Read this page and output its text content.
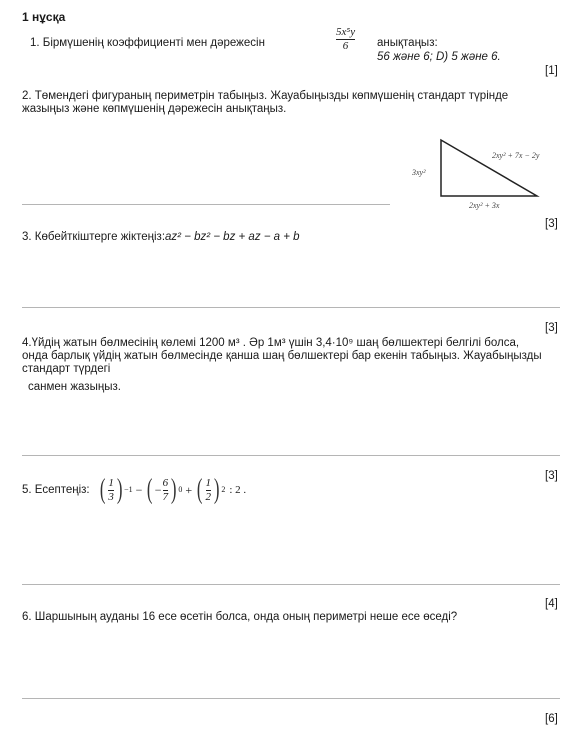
1 нұсқа
1. Бірмүшенің коэффициенті мен дәрежесін	$\frac{\text{5x⁵y}}{6}$ анықтаңыз:
56 және 6; D) 5 және 6.
[1]
2. Төмендегі фигураның периметрін табыңыз. Жауабыңызды көпмүшенің стандарт түрінде
жазыңыз және көпмүшенің дәрежесін анықтаңыз.
3xy²
2xy² + 7x − 2y
2xy² + 3x
[3]
3. Көбейткіштерге жіктеңіз:az² − bz² − bz + az − a + b
[3]
4.Үйдің жатын бөлмесінің көлемі 1200 м³ . Әр 1м³ үшін 3,4·10⁹ шаң бөлшектері белгілі болса,
онда барлық үйдің жатын бөлмесінде қанша шаң бөлшектері бар екенін табыңыз. Жауабыңызды
стандарт түрдегі
санмен жазыңыз.
[3]
5. Есептеңіз: ( $\frac{1}{3}$ ) −1 − ( − $\frac{6}{7}$ ) 0 + ( $\frac{1}{2}$ ) 2 : 2 .
[4]
6. Шаршының ауданы 16 есе өсетін болса, онда оның периметрі неше есе өседі?
[6]
